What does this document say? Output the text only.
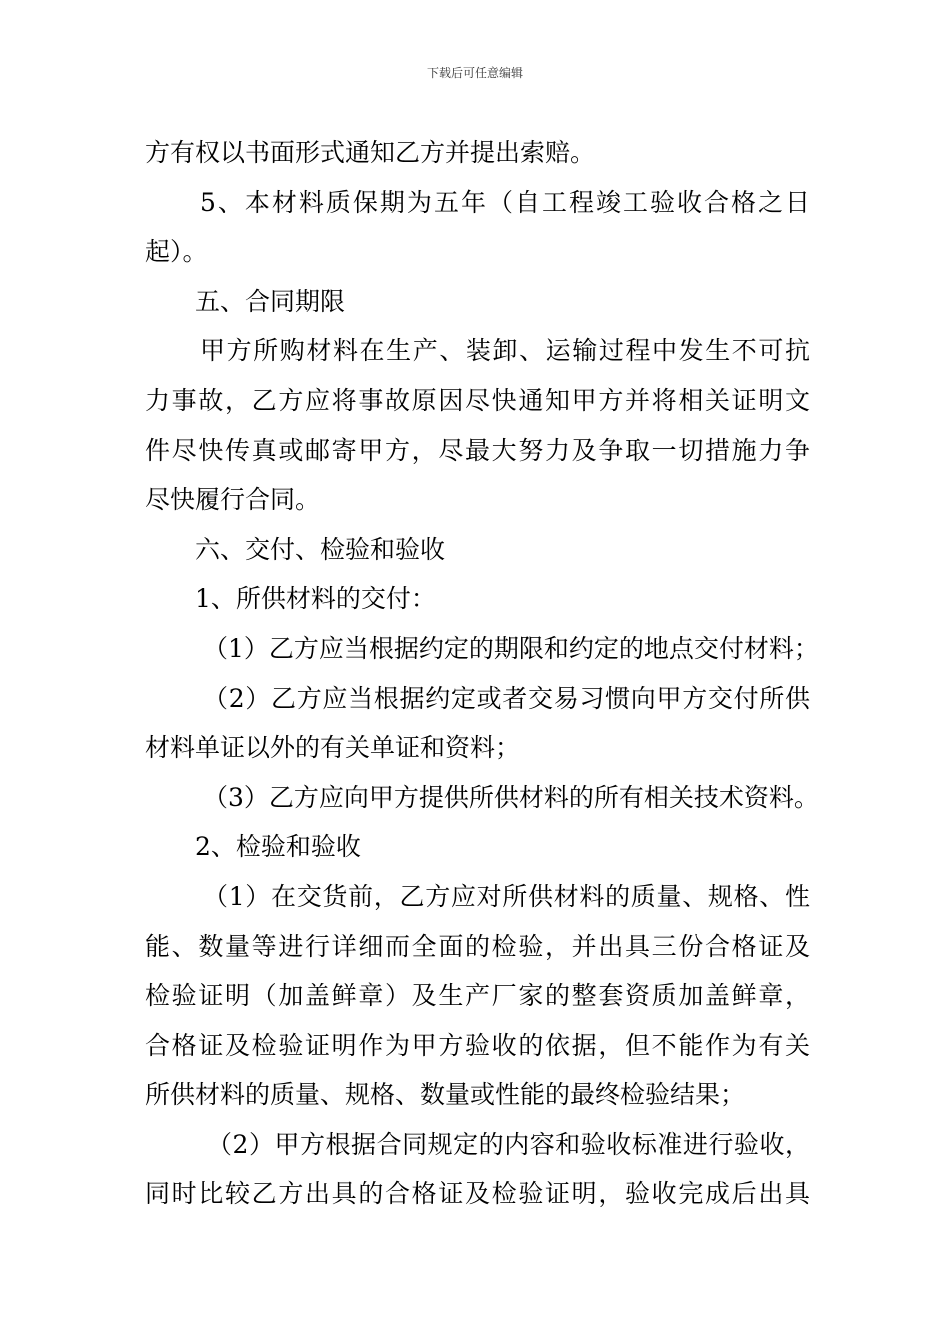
下载后可任意编辑
方有权以书面形式通知乙方并提出索赔。
5、本材料质保期为五年（自工程竣工验收合格之日
起）。
五、合同期限
甲方所购材料在生产、装卸、运输过程中发生不可抗
力事故，乙方应将事故原因尽快通知甲方并将相关证明文
件尽快传真或邮寄甲方，尽最大努力及争取一切措施力争
尽快履行合同。
六、交付、检验和验收
1、所供材料的交付：
（1）乙方应当根据约定的期限和约定的地点交付材料；
（2）乙方应当根据约定或者交易习惯向甲方交付所供
材料单证以外的有关单证和资料；
（3）乙方应向甲方提供所供材料的所有相关技术资料。
2、检验和验收
（1）在交货前，乙方应对所供材料的质量、规格、性
能、数量等进行详细而全面的检验，并出具三份合格证及
检验证明（加盖鲜章）及生产厂家的整套资质加盖鲜章，
合格证及检验证明作为甲方验收的依据，但不能作为有关
所供材料的质量、规格、数量或性能的最终检验结果；
（2）甲方根据合同规定的内容和验收标准进行验收，
同时比较乙方出具的合格证及检验证明，验收完成后出具
